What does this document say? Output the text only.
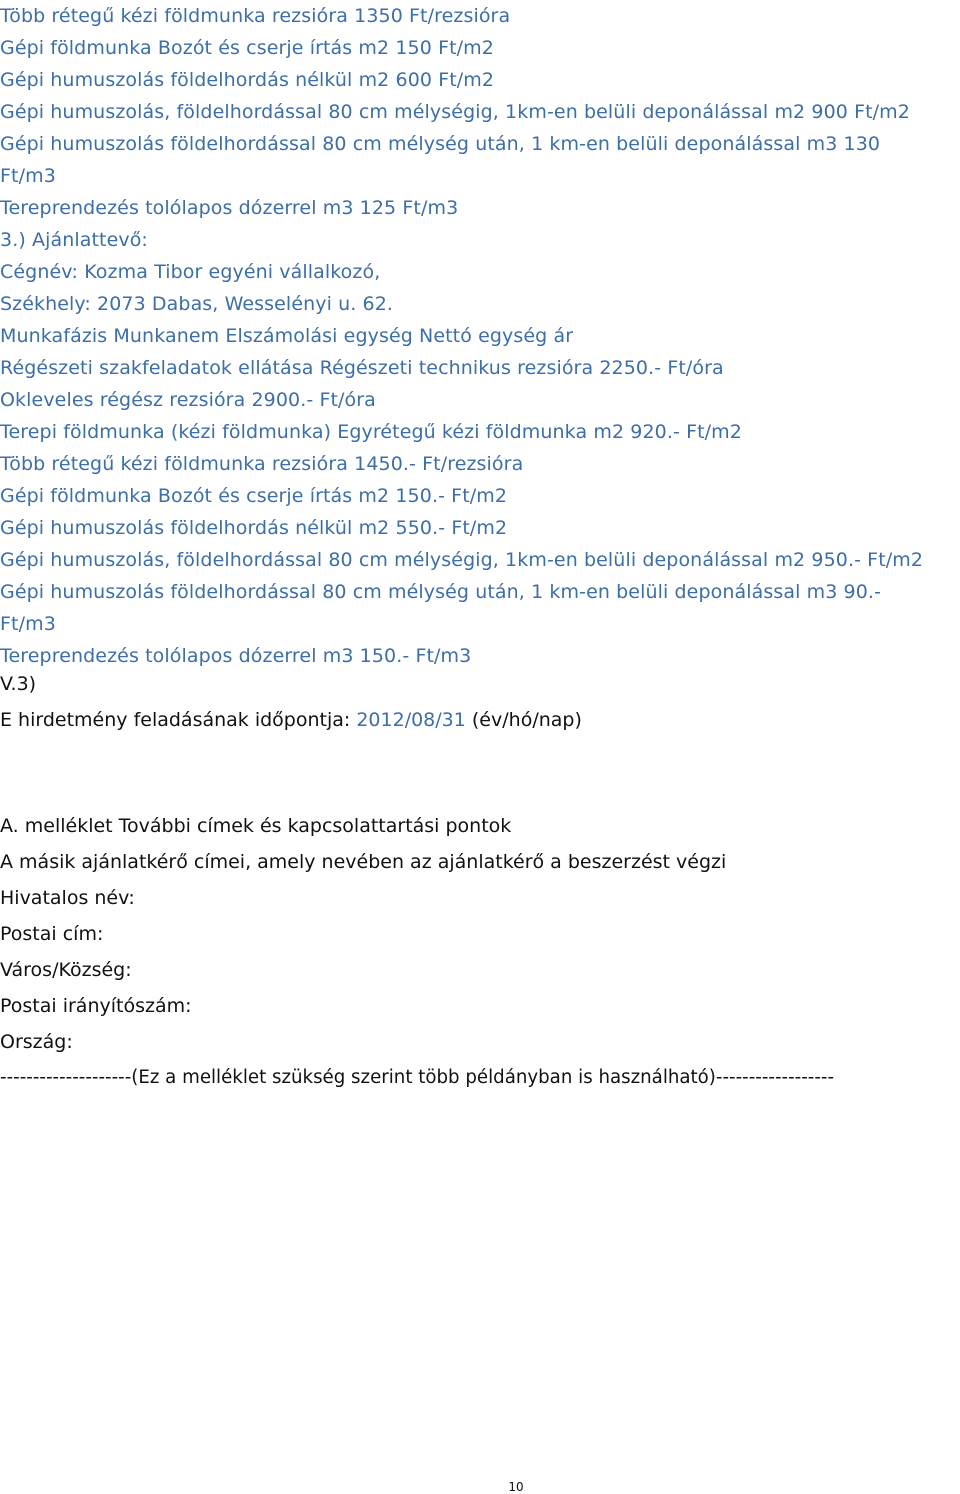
Több rétegű kézi földmunka rezsióra 1350 Ft/rezsióra
Gépi földmunka Bozót és cserje írtás m2 150 Ft/m2
Gépi humuszolás földelhordás nélkül m2 600 Ft/m2
Gépi humuszolás, földelhordással 80 cm mélységig, 1km-en belüli deponálással m2 900 Ft/m2
Gépi humuszolás földelhordással 80 cm mélység után, 1 km-en belüli deponálással m3 130
Ft/m3
Tereprendezés tolólapos dózerrel m3 125 Ft/m3
3.) Ajánlattevő:
Cégnév: Kozma Tibor egyéni vállalkozó,
Székhely: 2073 Dabas, Wesselényi u. 62.
Munkafázis Munkanem Elszámolási egység Nettó egység ár
Régészeti szakfeladatok ellátása Régészeti technikus rezsióra 2250.- Ft/óra
Okleveles régész rezsióra 2900.- Ft/óra
Terepi földmunka (kézi földmunka) Egyrétegű kézi földmunka m2 920.- Ft/m2
Több rétegű kézi földmunka rezsióra 1450.- Ft/rezsióra
Gépi földmunka Bozót és cserje írtás m2 150.- Ft/m2
Gépi humuszolás földelhordás nélkül m2 550.- Ft/m2
Gépi humuszolás, földelhordással 80 cm mélységig, 1km-en belüli deponálással m2 950.- Ft/m2
Gépi humuszolás földelhordással 80 cm mélység után, 1 km-en belüli deponálással m3 90.-
Ft/m3
Tereprendezés tolólapos dózerrel m3 150.- Ft/m3
V.3)
E hirdetmény feladásának időpontja: 2012/08/31 (év/hó/nap)
A. melléklet További címek és kapcsolattartási pontok
A másik ajánlatkérő címei, amely nevében az ajánlatkérő a beszerzést végzi
Hivatalos név:
Postai cím:
Város/Község:
Postai irányítószám:
Ország:
--------------------(Ez a melléklet szükség szerint több példányban is használható)------------------
10
